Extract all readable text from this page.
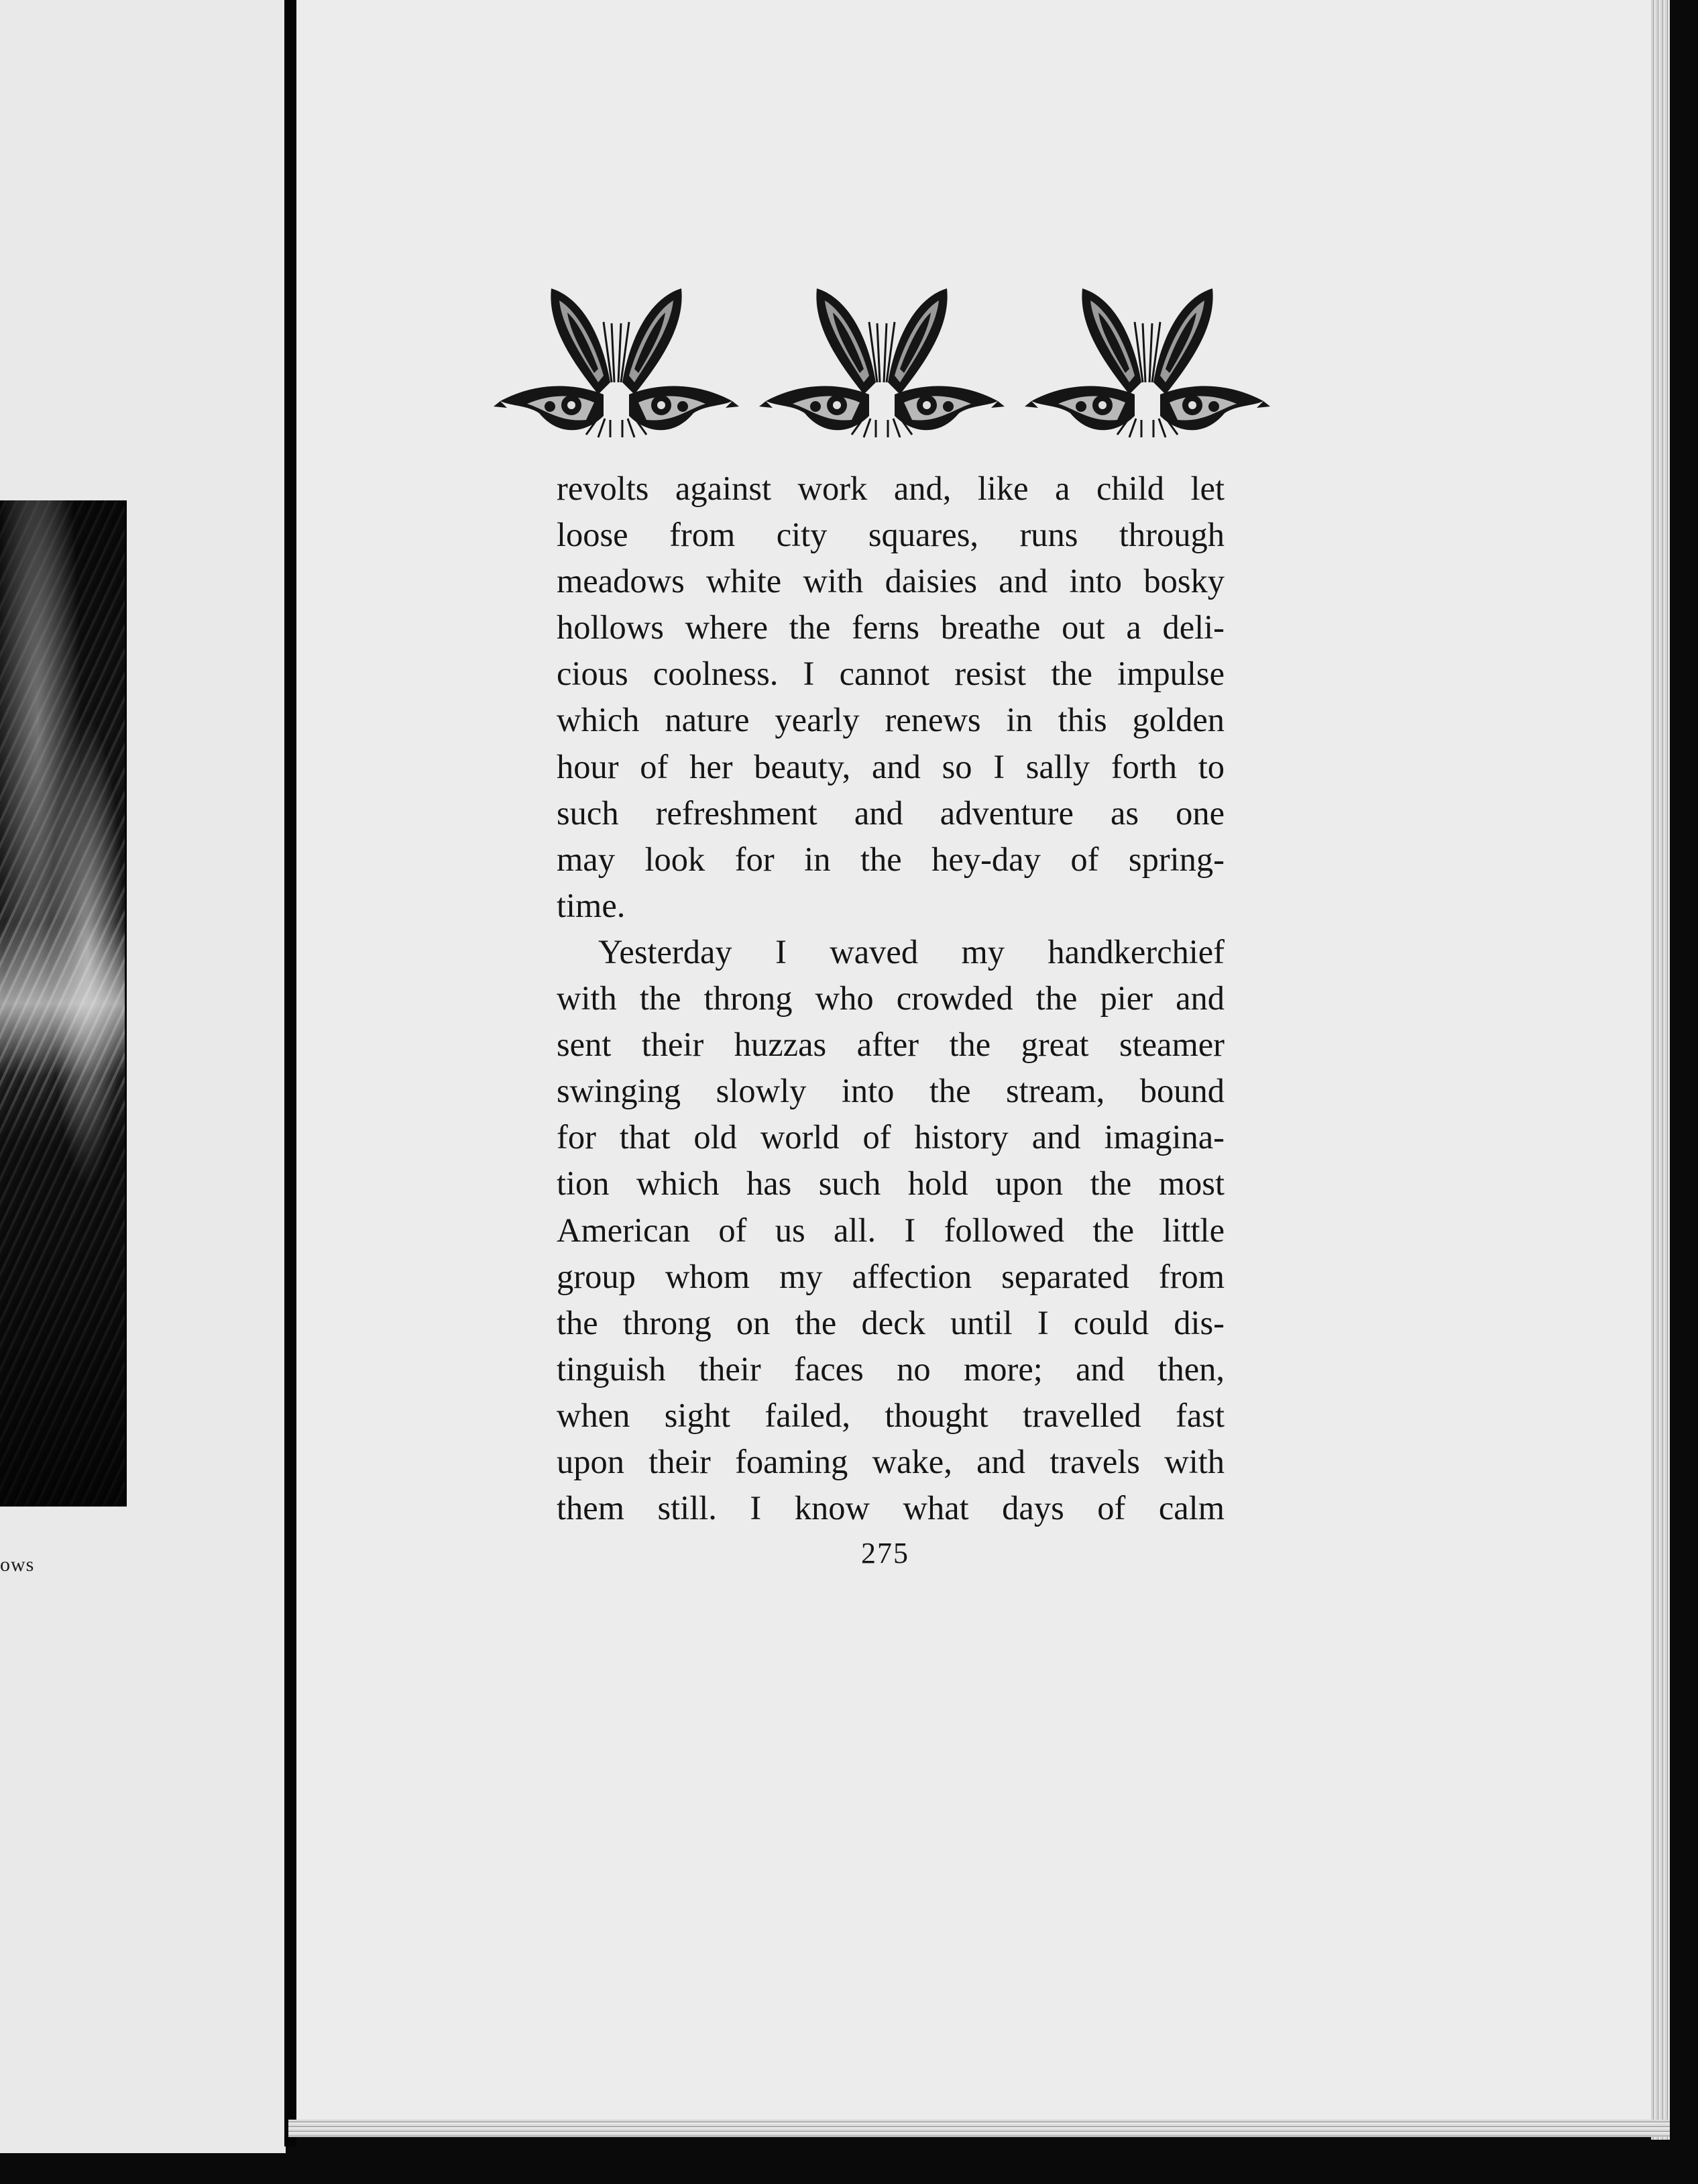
ows
revolts against work and, like a child let
loose from city squares, runs through
meadows white with daisies and into bosky
hollows where the ferns breathe out a deli-
cious coolness. I cannot resist the impulse
which nature yearly renews in this golden
hour of her beauty, and so I sally forth to
such refreshment and adventure as one
may look for in the hey-day of spring-
time.
Yesterday I waved my handkerchief
with the throng who crowded the pier and
sent their huzzas after the great steamer
swinging slowly into the stream, bound
for that old world of history and imagina-
tion which has such hold upon the most
American of us all. I followed the little
group whom my affection separated from
the throng on the deck until I could dis-
tinguish their faces no more; and then,
when sight failed, thought travelled fast
upon their foaming wake, and travels with
them still. I know what days of calm
275
